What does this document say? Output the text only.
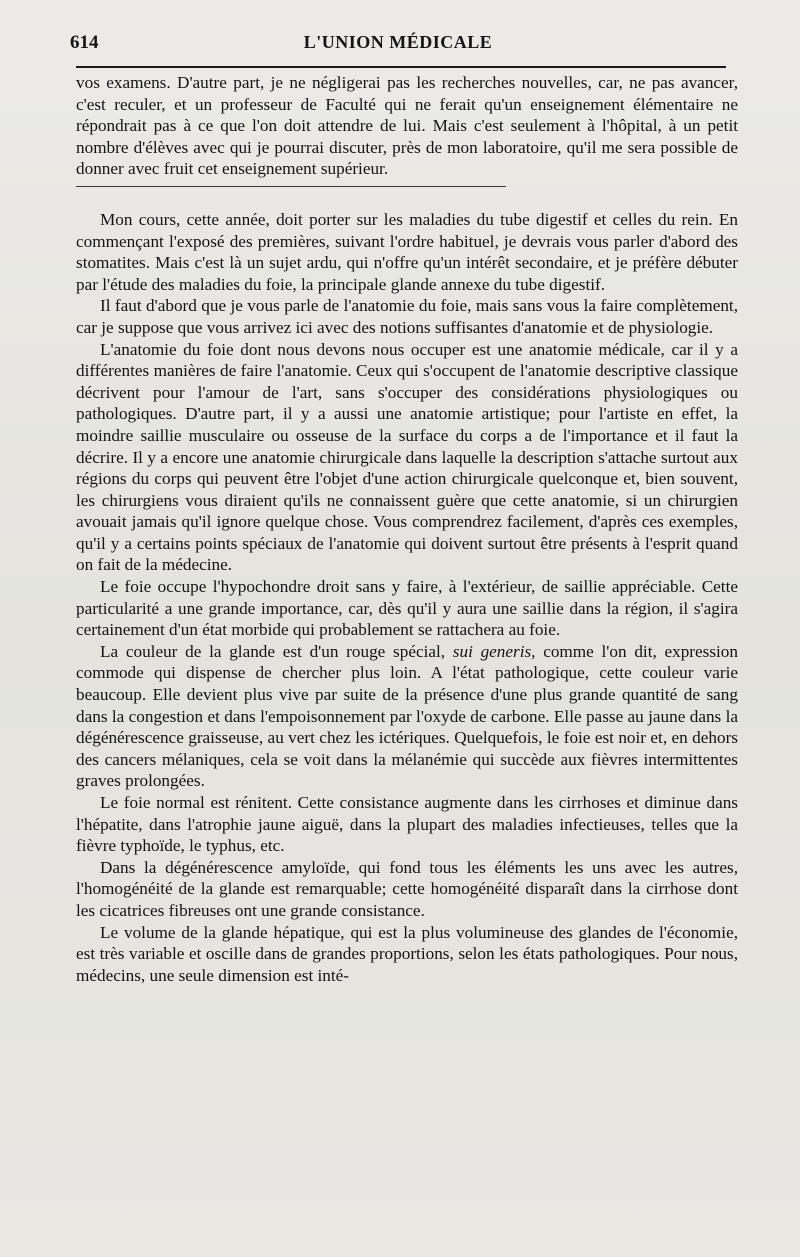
614	L'UNION MÉDICALE

vos examens. D'autre part, je ne négligerai pas les recherches nouvelles, car, ne pas avancer, c'est reculer, et un professeur de Faculté qui ne ferait qu'un enseignement élémentaire ne répondrait pas à ce que l'on doit attendre de lui. Mais c'est seulement à l'hôpital, à un petit nombre d'élèves avec qui je pourrai discuter, près de mon laboratoire, qu'il me sera possible de donner avec fruit cet enseignement supérieur.

Mon cours, cette année, doit porter sur les maladies du tube digestif et celles du rein. En commençant l'exposé des premières, suivant l'ordre habituel, je devrais vous parler d'abord des stomatites. Mais c'est là un sujet ardu, qui n'offre qu'un intérêt secondaire, et je préfère débuter par l'étude des maladies du foie, la principale glande annexe du tube digestif.

Il faut d'abord que je vous parle de l'anatomie du foie, mais sans vous la faire complètement, car je suppose que vous arrivez ici avec des notions suffisantes d'anatomie et de physiologie.

L'anatomie du foie dont nous devons nous occuper est une anatomie médicale, car il y a différentes manières de faire l'anatomie. Ceux qui s'occupent de l'anatomie descriptive classique décrivent pour l'amour de l'art, sans s'occuper des considérations physiologiques ou pathologiques. D'autre part, il y a aussi une anatomie artistique; pour l'artiste en effet, la moindre saillie musculaire ou osseuse de la surface du corps a de l'importance et il faut la décrire. Il y a encore une anatomie chirurgicale dans laquelle la description s'attache surtout aux régions du corps qui peuvent être l'objet d'une action chirurgicale quelconque et, bien souvent, les chirurgiens vous diraient qu'ils ne connaissent guère que cette anatomie, si un chirurgien avouait jamais qu'il ignore quelque chose. Vous comprendrez facilement, d'après ces exemples, qu'il y a certains points spéciaux de l'anatomie qui doivent surtout être présents à l'esprit quand on fait de la médecine.

Le foie occupe l'hypochondre droit sans y faire, à l'extérieur, de saillie appréciable. Cette particularité a une grande importance, car, dès qu'il y aura une saillie dans la région, il s'agira certainement d'un état morbide qui probablement se rattachera au foie.

La couleur de la glande est d'un rouge spécial, sui generis, comme l'on dit, expression commode qui dispense de chercher plus loin. A l'état pathologique, cette couleur varie beaucoup. Elle devient plus vive par suite de la présence d'une plus grande quantité de sang dans la congestion et dans l'empoisonnement par l'oxyde de carbone. Elle passe au jaune dans la dégénérescence graisseuse, au vert chez les ictériques. Quelquefois, le foie est noir et, en dehors des cancers mélaniques, cela se voit dans la mélanémie qui succède aux fièvres intermittentes graves prolongées.

Le foie normal est rénitent. Cette consistance augmente dans les cirrhoses et diminue dans l'hépatite, dans l'atrophie jaune aiguë, dans la plupart des maladies infectieuses, telles que la fièvre typhoïde, le typhus, etc.

Dans la dégénérescence amyloïde, qui fond tous les éléments les uns avec les autres, l'homogénéité de la glande est remarquable; cette homogénéité disparaît dans la cirrhose dont les cicatrices fibreuses ont une grande consistance.

Le volume de la glande hépatique, qui est la plus volumineuse des glandes de l'économie, est très variable et oscille dans de grandes proportions, selon les états pathologiques. Pour nous, médecins, une seule dimension est inté-
